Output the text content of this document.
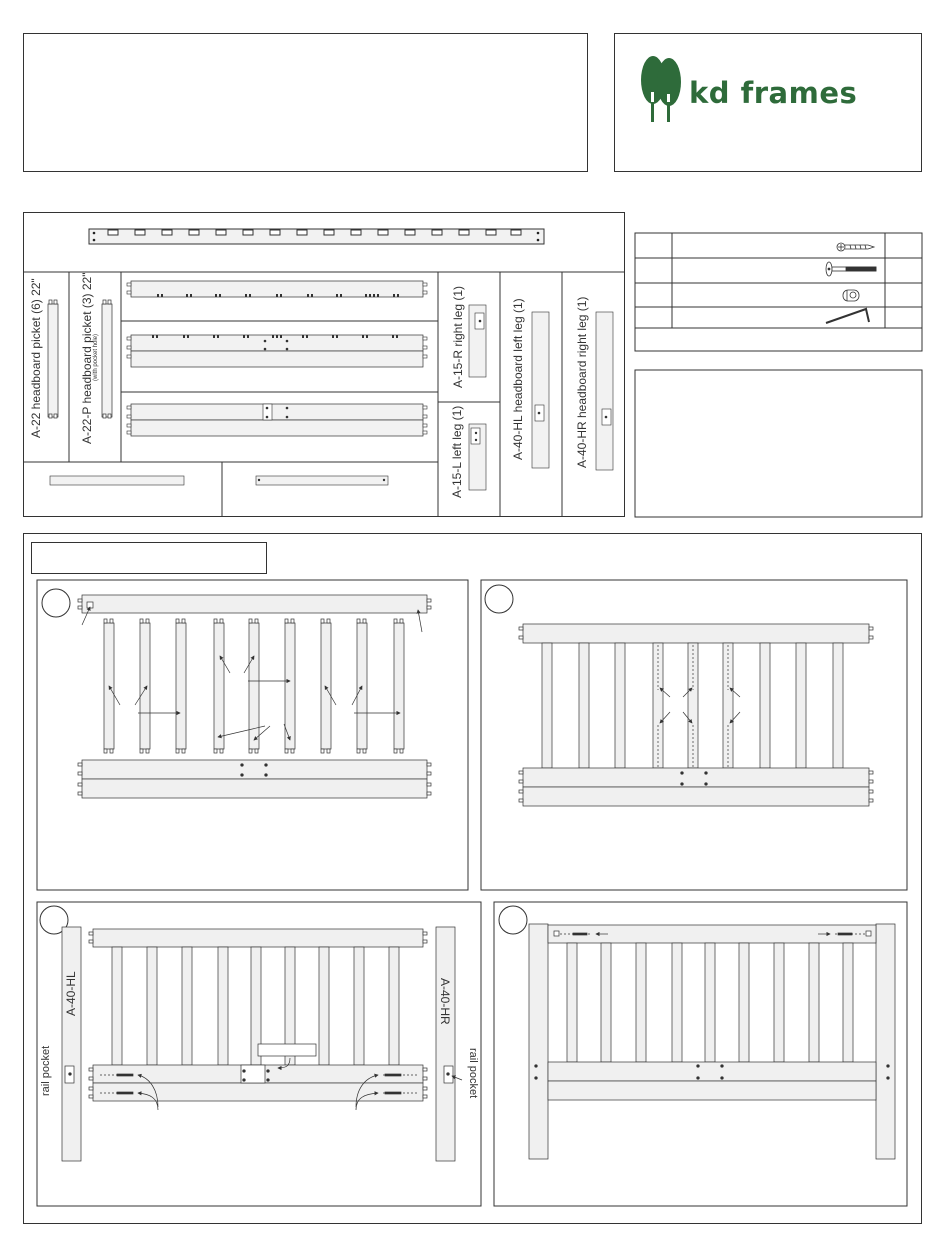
kd frames
A-22 headboard picket (6) 22"	A-22-P headboard picket (3) 22" (with pocket hole)	A-15-R right leg (1)
A-15-L left leg (1)	A-40-HL headboard left leg (1)	A-40-HR headboard right leg (1)
A-40-HL
rail pocket
A-40-HR
rail pocket
